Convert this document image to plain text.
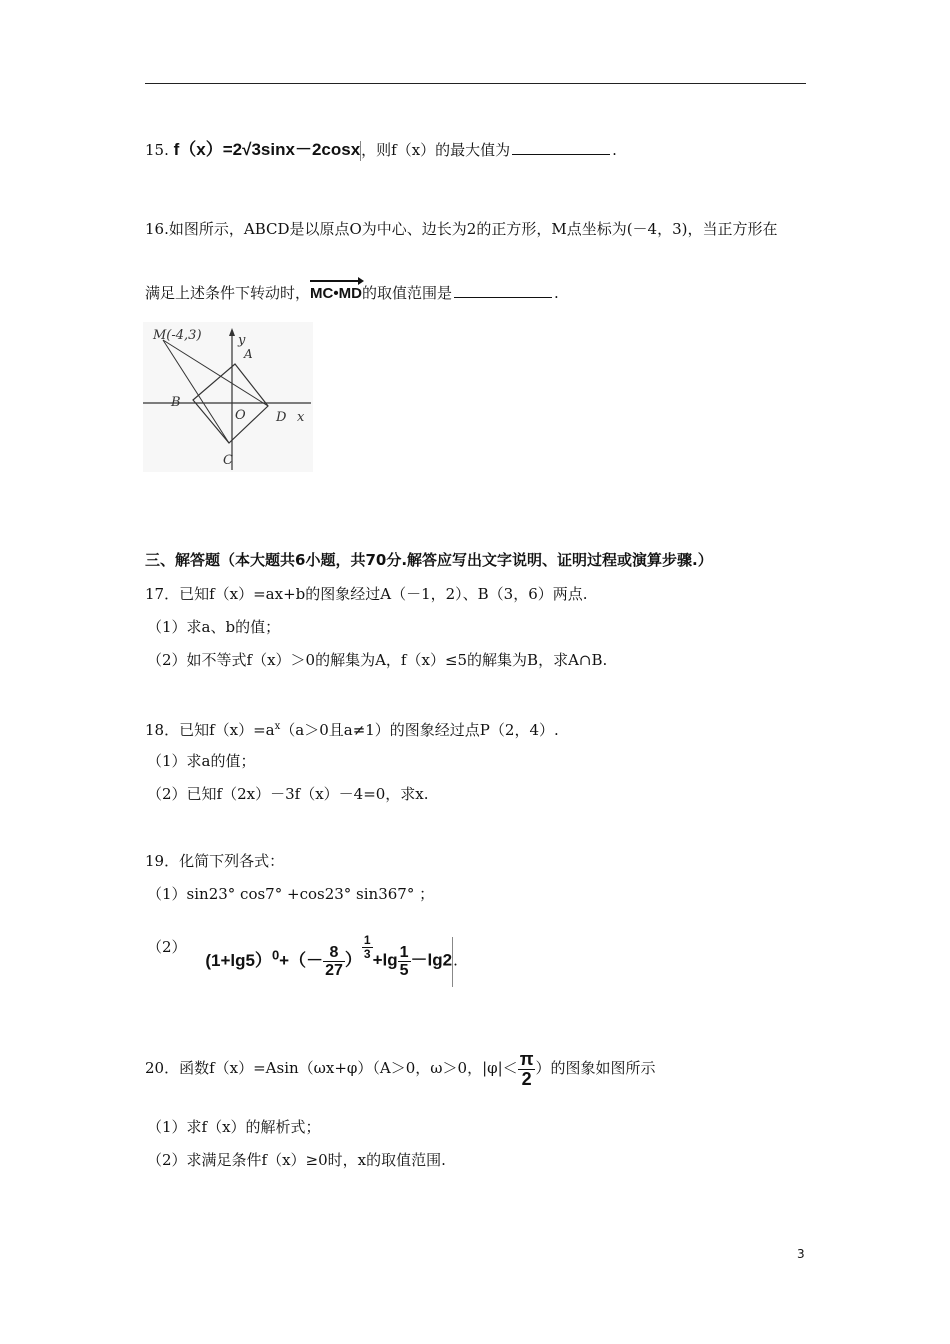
15. f（x）=2√3sinx－2cosx，则f（x）的最大值为	.
16.如图所示，ABCD是以原点O为中心、边长为2的正方形，M点坐标为(－4，3)，当正方形在
满足上述条件下转动时，
MC•MD的取值范围是	.
M(-4,3)	y
A
B
O D x
C
三、解答题（本大题共6小题，共70分.解答应写出文字说明、证明过程或演算步骤.）
17．已知f（x）=ax+b的图象经过A（－1，2）、B（3，6）两点.
（1）求a、b的值；
（2）如不等式f（x）＞0的解集为A，f（x）≤5的解集为B，求A∩B.
18．已知$f(x)=a^x(a>0$且a≠1）的图象经过点P（2，4）.
（1）求a的值；
（2）已知f（2x）－3f（x）－4=0，求x.
19．化简下列各式：
（1）sin23° cos7° +cos23° sin367° ；
（2） $(1+\lg 5)^0+(- \frac{8}{27}$ ） $\frac{1}{3} +\lg \frac{1}{5} -\lg 2$.
20．函数f（x）=Asin（ωx+φ）（A＞0，ω＞0，$|\varphi|< \frac{\pi}{2}$ ）的图象如图所示
（1）求f（x）的解析式；
（2）求满足条件f（x）≥0时，x的取值范围.
3
